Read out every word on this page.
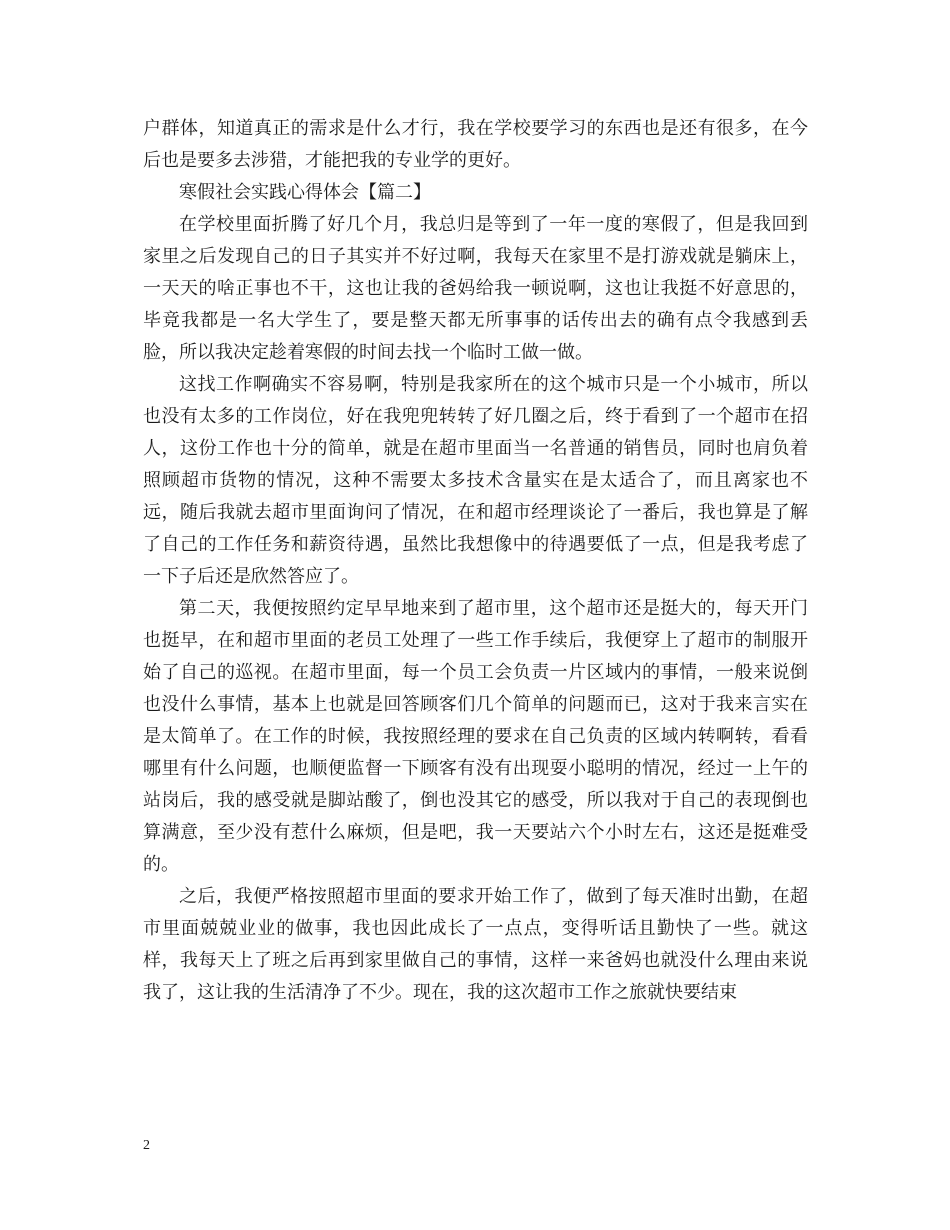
户群体，知道真正的需求是什么才行，我在学校要学习的东西也是还有很多，在今后也是要多去涉猎，才能把我的专业学的更好。

寒假社会实践心得体会【篇二】

在学校里面折腾了好几个月，我总归是等到了一年一度的寒假了，但是我回到家里之后发现自己的日子其实并不好过啊，我每天在家里不是打游戏就是躺床上，一天天的啥正事也不干，这也让我的爸妈给我一顿说啊，这也让我挺不好意思的，毕竟我都是一名大学生了，要是整天都无所事事的话传出去的确有点令我感到丢脸，所以我决定趁着寒假的时间去找一个临时工做一做。

这找工作啊确实不容易啊，特别是我家所在的这个城市只是一个小城市，所以也没有太多的工作岗位，好在我兜兜转转了好几圈之后，终于看到了一个超市在招人，这份工作也十分的简单，就是在超市里面当一名普通的销售员，同时也肩负着照顾超市货物的情况，这种不需要太多技术含量实在是太适合了，而且离家也不远，随后我就去超市里面询问了情况，在和超市经理谈论了一番后，我也算是了解了自己的工作任务和薪资待遇，虽然比我想像中的待遇要低了一点，但是我考虑了一下子后还是欣然答应了。

第二天，我便按照约定早早地来到了超市里，这个超市还是挺大的，每天开门也挺早，在和超市里面的老员工处理了一些工作手续后，我便穿上了超市的制服开始了自己的巡视。在超市里面，每一个员工会负责一片区域内的事情，一般来说倒也没什么事情，基本上也就是回答顾客们几个简单的问题而已，这对于我来言实在是太简单了。在工作的时候，我按照经理的要求在自己负责的区域内转啊转，看看哪里有什么问题，也顺便监督一下顾客有没有出现耍小聪明的情况，经过一上午的站岗后，我的感受就是脚站酸了，倒也没其它的感受，所以我对于自己的表现倒也算满意，至少没有惹什么麻烦，但是吧，我一天要站六个小时左右，这还是挺难受的。

之后，我便严格按照超市里面的要求开始工作了，做到了每天准时出勤，在超市里面兢兢业业的做事，我也因此成长了一点点，变得听话且勤快了一些。就这样，我每天上了班之后再到家里做自己的事情，这样一来爸妈也就没什么理由来说我了，这让我的生活清净了不少。现在，我的这次超市工作之旅就快要结束

2
